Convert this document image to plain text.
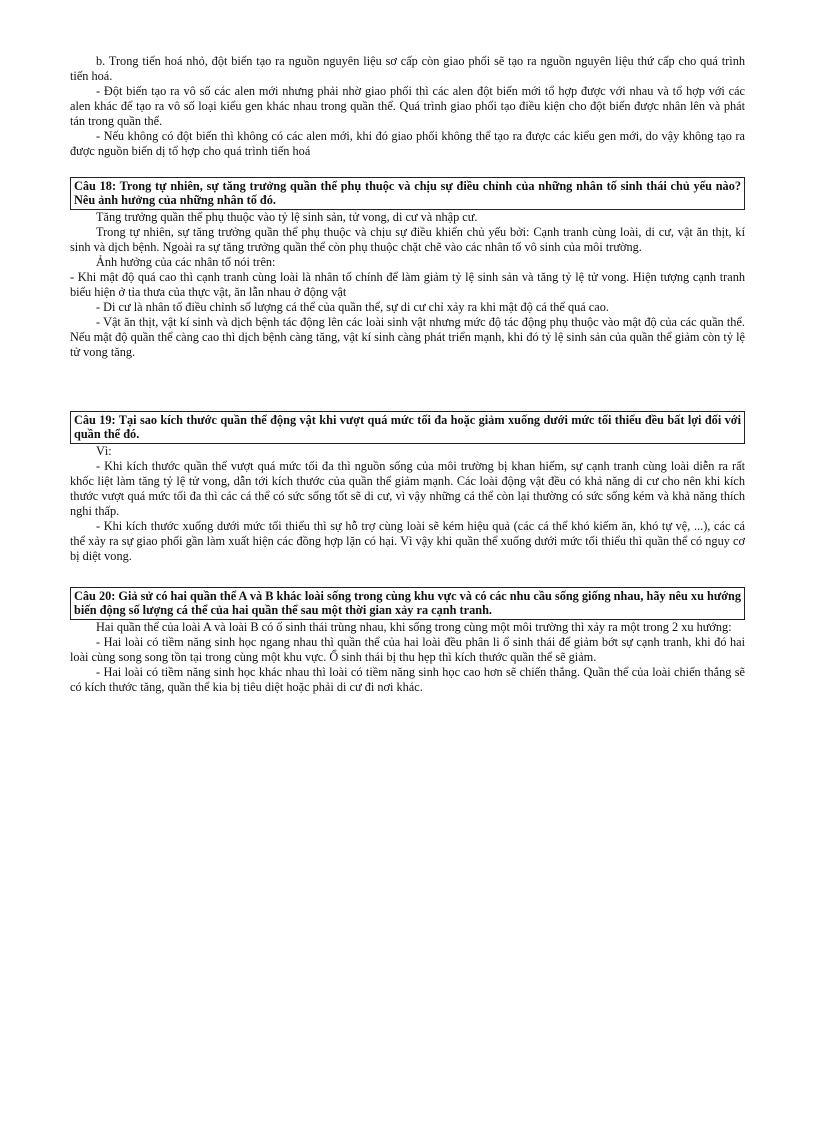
b. Trong tiến hoá nhỏ, đột biến tạo ra nguồn nguyên liệu sơ cấp còn giao phối sẽ tạo ra nguồn nguyên liệu thứ cấp cho quá trình tiến hoá.

- Đột biến tạo ra vô số các alen mới nhưng phải nhờ giao phối thì các alen đột biến mới tổ hợp được với nhau và tổ hợp với các alen khác để tạo ra vô số loại kiểu gen khác nhau trong quần thể. Quá trình giao phối tạo điều kiện cho đột biến được nhân lên và phát tán trong quần thể.

- Nếu không có đột biến thì không có các alen mới, khi đó giao phối không thể tạo ra được các kiểu gen mới, do vậy không tạo ra được nguồn biến dị tổ hợp cho quá trình tiến hoá

Câu 18: Trong tự nhiên, sự tăng trưởng quần thể phụ thuộc và chịu sự điều chỉnh của những nhân tố sinh thái chủ yếu nào? Nêu ảnh hưởng của những nhân tố đó.

Tăng trưởng quần thể phụ thuộc vào tỷ lệ sinh sản, tử vong, di cư và nhập cư.

Trong tự nhiên, sự tăng trưởng quần thể phụ thuộc và chịu sự điều khiển chủ yếu bởi: Cạnh tranh cùng loài, di cư, vật ăn thịt, kí sinh và dịch bệnh. Ngoài ra sự tăng trưởng quần thể còn phụ thuộc chặt chẽ vào các nhân tố vô sinh của môi trường.

Ảnh hưởng của các nhân tố nói trên:

- Khi mật độ quá cao thì cạnh tranh cùng loài là nhân tố chính để làm giảm tỷ lệ sinh sản và tăng tỷ lệ tử vong. Hiện tượng cạnh tranh biểu hiện ở tỉa thưa của thực vật, ăn lẫn nhau ở động vật

- Di cư là nhân tố điều chỉnh số lượng cá thể của quần thể, sự di cư chỉ xảy ra khi mật độ cá thể quá cao.

- Vật ăn thịt, vật kí sinh và dịch bệnh tác động lên các loài sinh vật nhưng mức độ tác động phụ thuộc vào mật độ của các quần thể. Nếu mật độ quần thể càng cao thì dịch bệnh càng tăng, vật kí sinh càng phát triển mạnh, khi đó tỷ lệ sinh sản của quần thể giảm còn tỷ lệ tử vong tăng.

Câu 19: Tại sao kích thước quần thể động vật khi vượt quá mức tối đa hoặc giảm xuống dưới mức tối thiểu đều bất lợi đối với quần thể đó.

Vì:

- Khi kích thước quần thể vượt quá mức tối đa thì nguồn sống của môi trường bị khan hiếm, sự cạnh tranh cùng loài diễn ra rất khốc liệt làm tăng tỷ lệ tử vong, dẫn tới kích thước của quần thể giảm mạnh. Các loài động vật đều có khả năng di cư cho nên khi kích thước vượt quá mức tối đa thì các cá thể có sức sống tốt sẽ di cư, vì vậy những cá thể còn lại thường có sức sống kém và khả năng thích nghi thấp.

- Khi kích thước xuống dưới mức tối thiểu thì sự hỗ trợ cùng loài sẽ kém hiệu quả (các cá thể khó kiếm ăn, khó tự vệ, ...), các cá thể xảy ra sự giao phối gần làm xuất hiện các đồng hợp lặn có hại. Vì vậy khi quần thể xuống dưới mức tối thiểu thì quần thể có nguy cơ bị diệt vong.

Câu 20: Giả sử có hai quần thể A và B khác loài sống trong cùng khu vực và có các nhu cầu sống giống nhau, hãy nêu xu hướng biến động số lượng cá thể của hai quần thể sau một thời gian xảy ra cạnh tranh.

Hai quần thể của loài A và loài B có ổ sinh thái trùng nhau, khi sống trong cùng một môi trường thì xảy ra một trong 2 xu hướng:

- Hai loài có tiềm năng sinh học ngang nhau thì quần thể của hai loài đều phân li ổ sinh thái để giảm bớt sự cạnh tranh, khi đó hai loài cùng song song tồn tại trong cùng một khu vực. Ổ sinh thái bị thu hẹp thì kích thước quần thể sẽ giảm.

- Hai loài có tiềm năng sinh học khác nhau thì loài có tiềm năng sinh học cao hơn sẽ chiến thắng. Quần thể của loài chiến thắng sẽ có kích thước tăng, quần thể kia bị tiêu diệt hoặc phải di cư đi nơi khác.
